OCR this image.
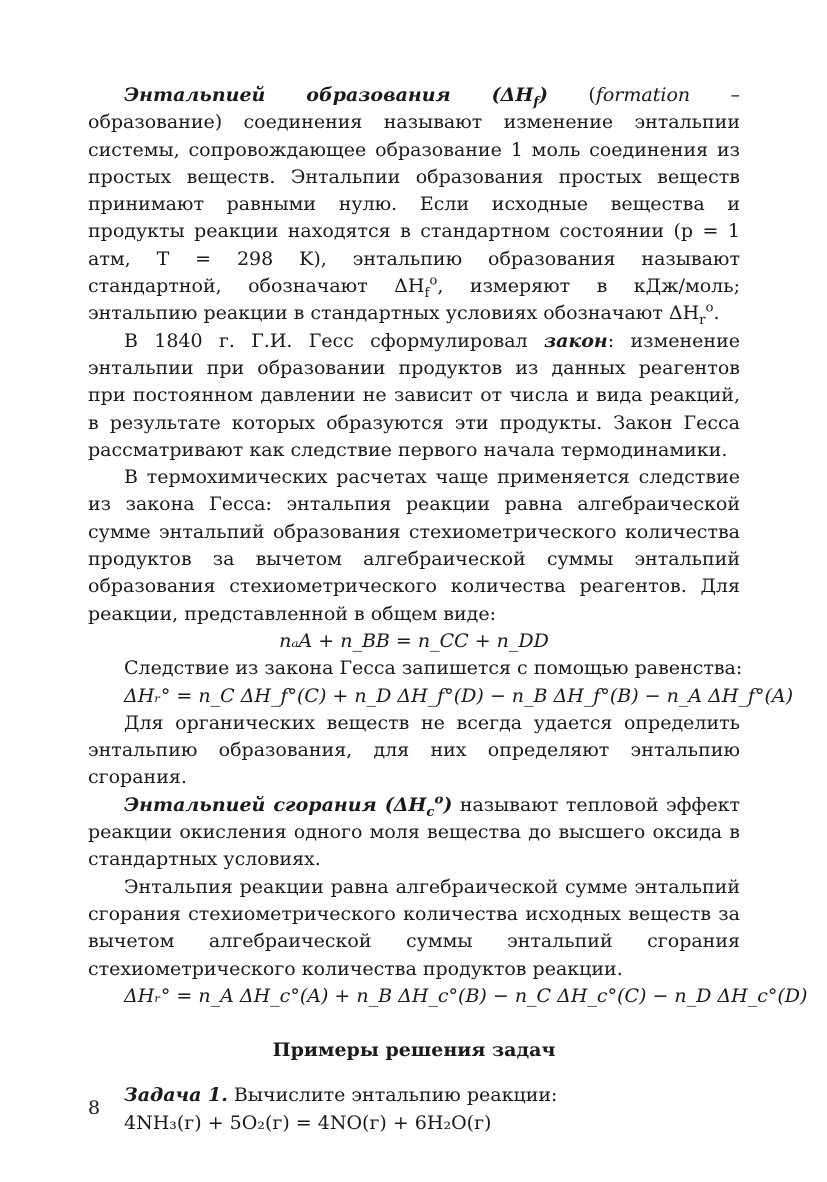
Энтальпией образования $(\Delta H_f)$ (formation – образование) соединения называют изменение энтальпии системы, сопровождающее образование 1 моль соединения из простых веществ. Энтальпии образования простых веществ принимают равными нулю. Если исходные вещества и продукты реакции находятся в стандартном состоянии (p = 1 атм, T = 298 K), энтальпию образования называют стандартной, обозначают $\Delta H_f^o$, измеряют в кДж/моль; энтальпию реакции в стандартных условиях обозначают $\Delta H_r^o$.

В 1840 г. Г.И. Гесс сформулировал закон: изменение энтальпии при образовании продуктов из данных реагентов при постоянном давлении не зависит от числа и вида реакций, в результате которых образуются эти продукты. Закон Гесса рассматривают как следствие первого начала термодинамики.

В термохимических расчетах чаще применяется следствие из закона Гесса: энтальпия реакции равна алгебраической сумме энтальпий образования стехиометрического количества продуктов за вычетом алгебраической суммы энтальпий образования стехиометрического количества реагентов. Для реакции, представленной в общем виде:

nₐA + n_BB = n_CC + n_DD
Следствие из закона Гесса запишется с помощью равенства:
ΔHᵣ° = n_C ΔH_f°(C) + n_D ΔH_f°(D) − n_B ΔH_f°(B) − n_A ΔH_f°(A)

Для органических веществ не всегда удается определить энтальпию образования, для них определяют энтальпию сгорания.

Энтальпией сгорания $(\Delta H_c^o)$ называют тепловой эффект реакции окисления одного моля вещества до высшего оксида в стандартных условиях.

Энтальпия реакции равна алгебраической сумме энтальпий сгорания стехиометрического количества исходных веществ за вычетом алгебраической суммы энтальпий сгорания стехиометрического количества продуктов реакции.

ΔHᵣ° = n_A ΔH_c°(A) + n_B ΔH_c°(B) − n_C ΔH_c°(C) − n_D ΔH_c°(D)
Примеры решения задач
Задача 1. Вычислите энтальпию реакции:
4NH₃(г) + 5O₂(г) = 4NO(г) + 6H₂O(г)
8
